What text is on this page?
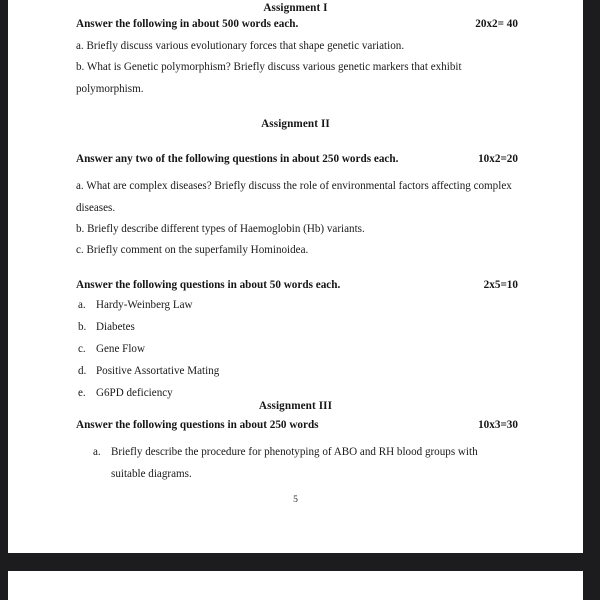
Assignment I
Answer the following in about 500 words each.	20x2= 40
a. Briefly discuss various evolutionary forces that shape genetic variation.
b. What is Genetic polymorphism? Briefly discuss various genetic markers that exhibit polymorphism.
Assignment II
Answer any two of the following questions in about 250 words each.	10x2=20
a. What are complex diseases? Briefly discuss the role of environmental factors affecting complex diseases.
b. Briefly describe different types of Haemoglobin (Hb) variants.
c. Briefly comment on the superfamily Hominoidea.
Answer the following questions in about 50 words each.	2x5=10
a. Hardy-Weinberg Law
b. Diabetes
c. Gene Flow
d. Positive Assortative Mating
e. G6PD deficiency
Assignment III
Answer the following questions in about 250 words	10x3=30
a. Briefly describe the procedure for phenotyping of ABO and RH blood groups with
suitable diagrams.
5
